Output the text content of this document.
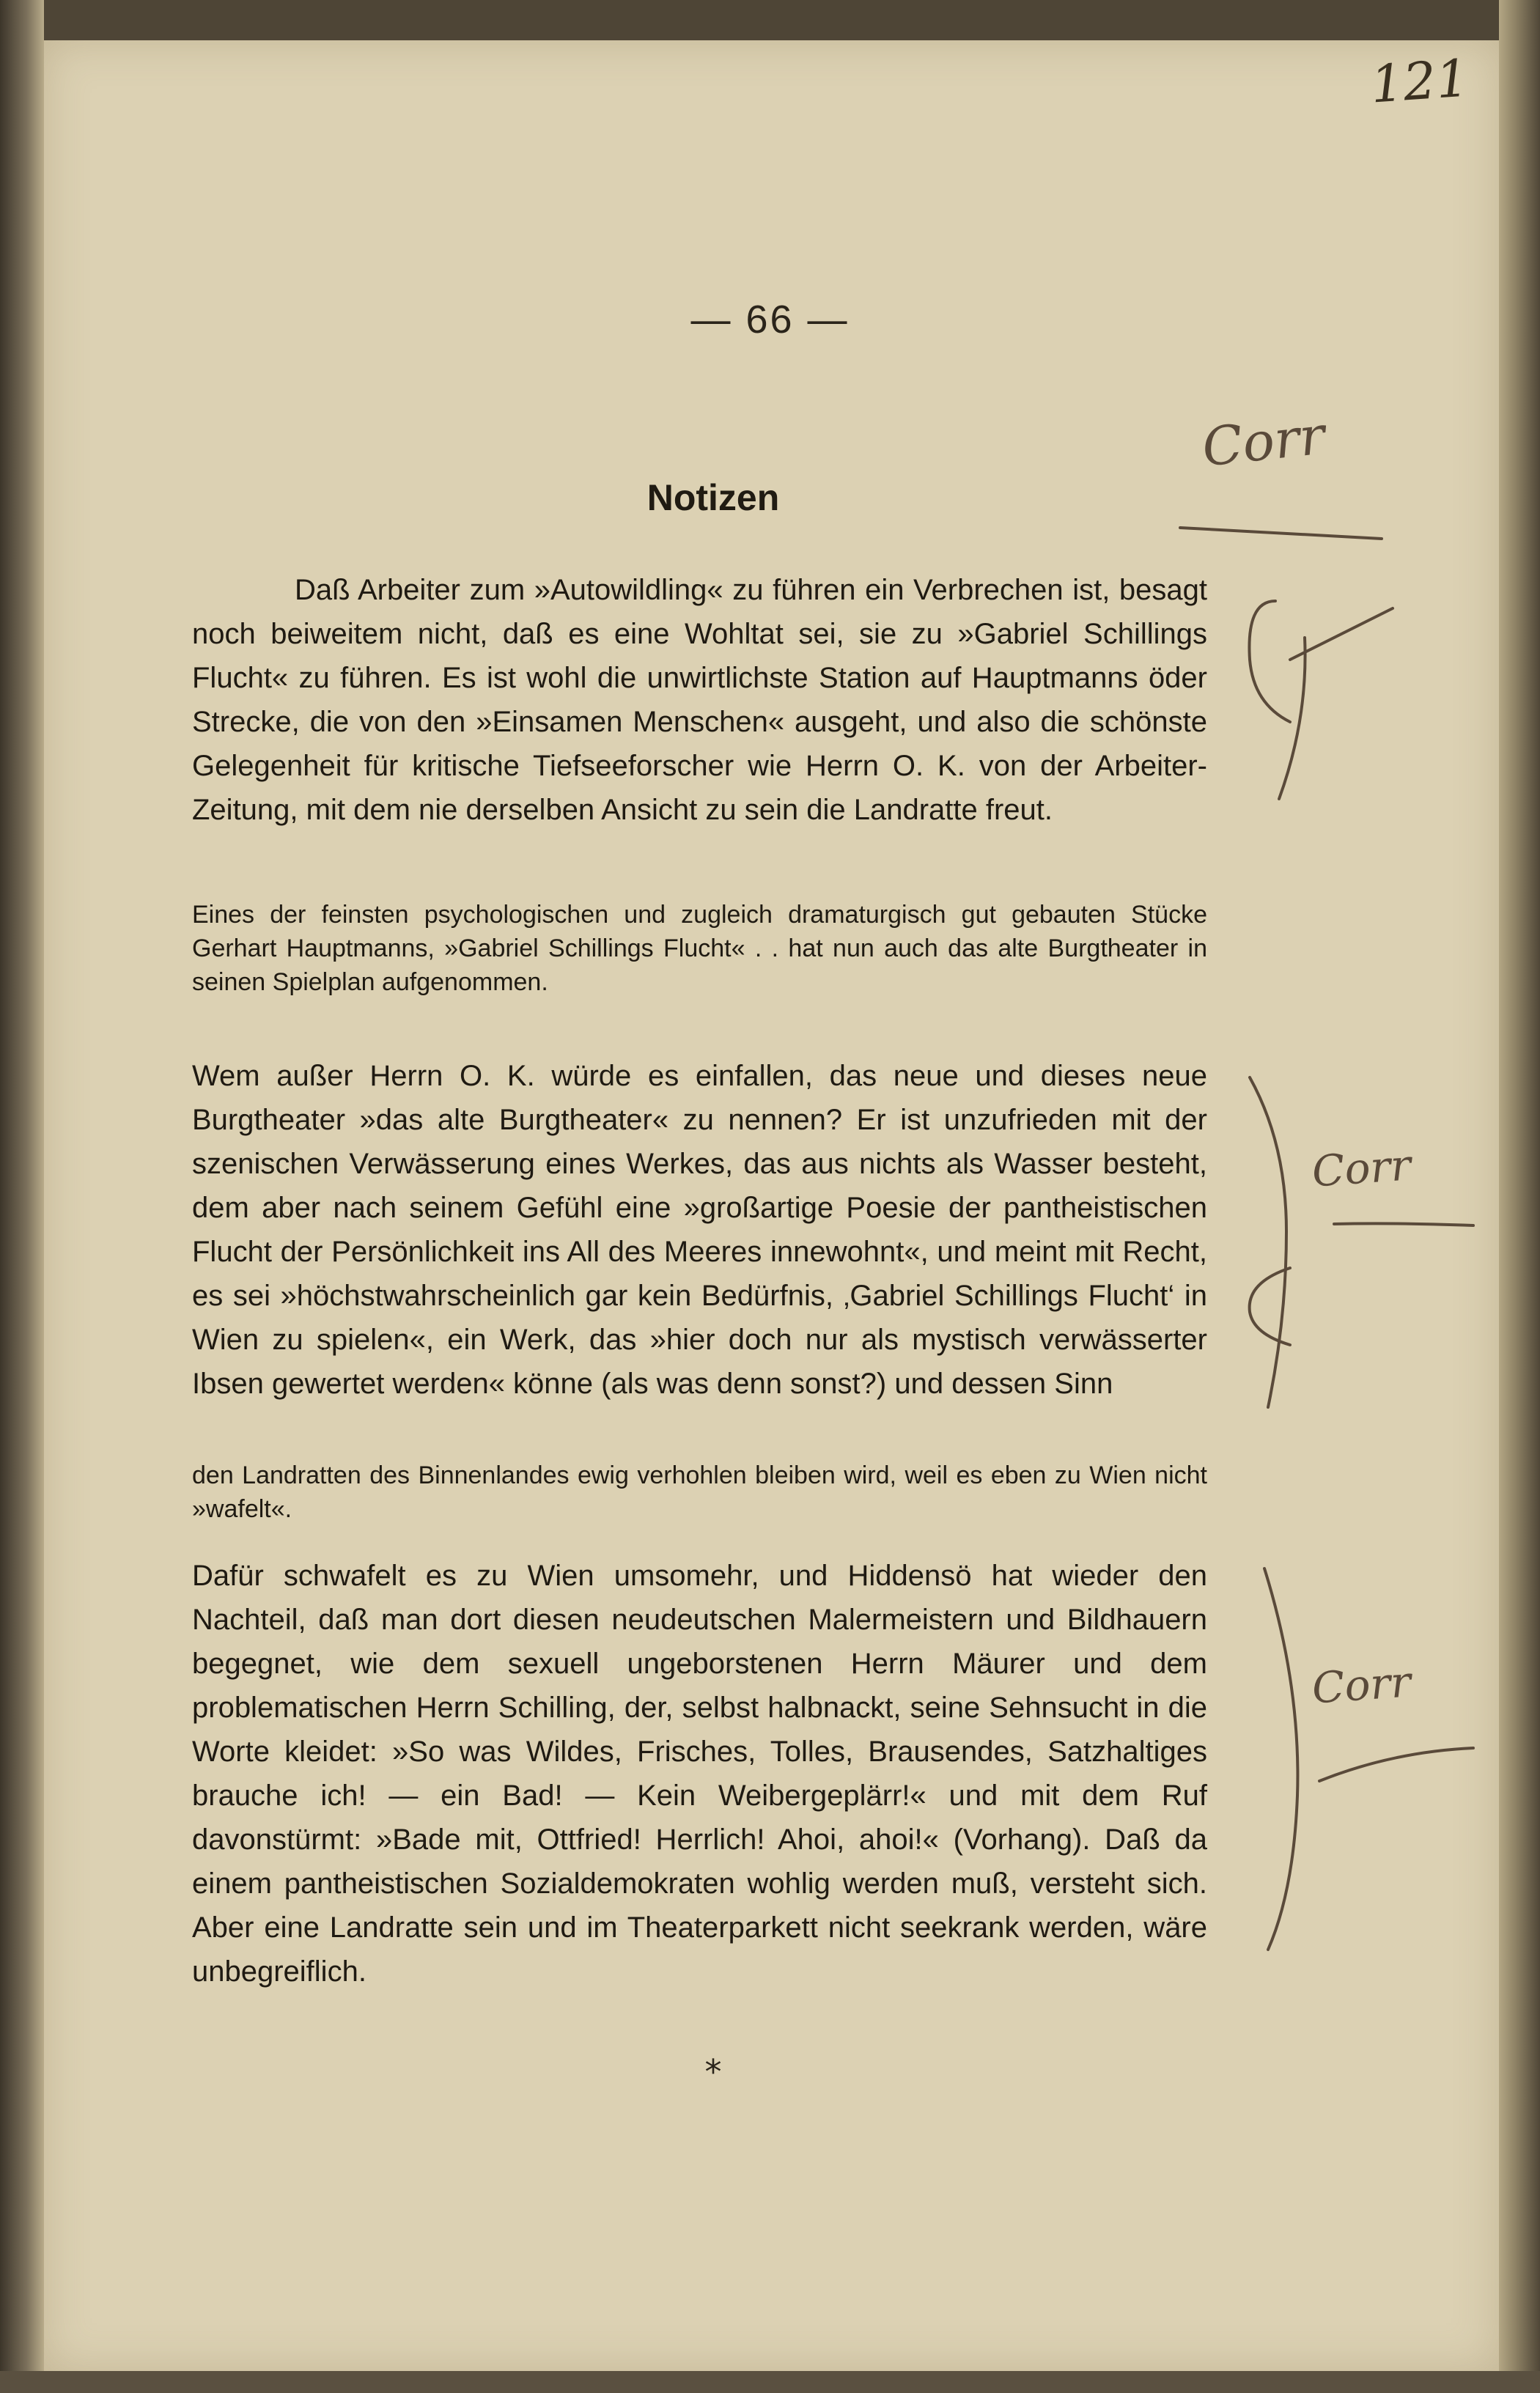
121
— 66 —
Notizen
Daß Arbeiter zum »Autowildling« zu führen ein Verbrechen ist, besagt noch beiweitem nicht, daß es eine Wohltat sei, sie zu »Gabriel Schillings Flucht« zu führen. Es ist wohl die unwirtlichste Station auf Hauptmanns öder Strecke, die von den »Einsamen Menschen« ausgeht, und also die schönste Gelegenheit für kritische Tiefseeforscher wie Herrn O. K. von der Arbeiter-Zeitung, mit dem nie derselben Ansicht zu sein die Landratte freut.
Eines der feinsten psychologischen und zugleich dramaturgisch gut gebauten Stücke Gerhart Hauptmanns, »Gabriel Schillings Flucht« . . hat nun auch das alte Burgtheater in seinen Spielplan aufgenommen.
Wem außer Herrn O. K. würde es einfallen, das neue und dieses neue Burgtheater »das alte Burgtheater« zu nennen? Er ist unzufrieden mit der szenischen Verwässerung eines Werkes, das aus nichts als Wasser besteht, dem aber nach seinem Gefühl eine »großartige Poesie der pantheistischen Flucht der Persönlichkeit ins All des Meeres innewohnt«, und meint mit Recht, es sei »höchstwahrscheinlich gar kein Bedürfnis, ‚Gabriel Schillings Flucht‘ in Wien zu spielen«, ein Werk, das »hier doch nur als mystisch verwässerter Ibsen gewertet werden« könne (als was denn sonst?) und dessen Sinn
den Landratten des Binnenlandes ewig verhohlen bleiben wird, weil es eben zu Wien nicht »wafelt«.
Dafür schwafelt es zu Wien umsomehr, und Hiddensö hat wieder den Nachteil, daß man dort diesen neudeutschen Malermeistern und Bildhauern begegnet, wie dem sexuell ungeborstenen Herrn Mäurer und dem problematischen Herrn Schilling, der, selbst halbnackt, seine Sehnsucht in die Worte kleidet: »So was Wildes, Frisches, Tolles, Brausendes, Satzhaltiges brauche ich! — ein Bad! — Kein Weibergeplärr!« und mit dem Ruf davonstürmt: »Bade mit, Ottfried! Herrlich! Ahoi, ahoi!« (Vorhang). Daß da einem pantheistischen Sozialdemokraten wohlig werden muß, versteht sich. Aber eine Landratte sein und im Theaterparkett nicht seekrank werden, wäre unbegreiflich.
*
Corr
Corr
Corr
